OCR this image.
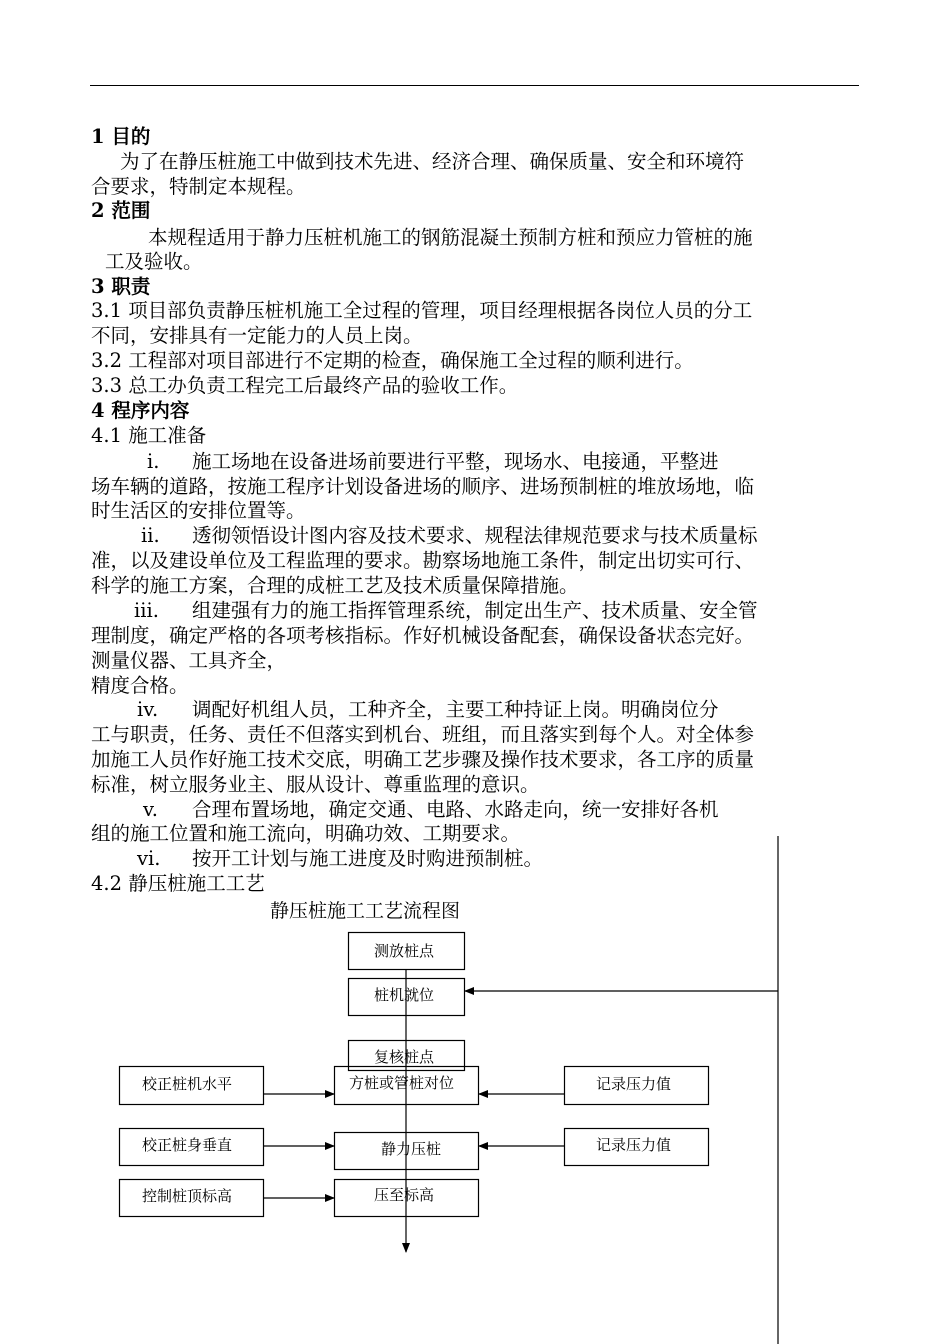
1 目的
为了在静压桩施工中做到技术先进、经济合理、确保质量、安全和环境符
合要求，特制定本规程。
2 范围
本规程适用于静力压桩机施工的钢筋混凝土预制方桩和预应力管桩的施
工及验收。
3 职责
3.1 项目部负责静压桩机施工全过程的管理，项目经理根据各岗位人员的分工
不同，安排具有一定能力的人员上岗。
3.2 工程部对项目部进行不定期的检查，确保施工全过程的顺利进行。
3.3 总工办负责工程完工后最终产品的验收工作。
4 程序内容
4.1 施工准备
i. 施工场地在设备进场前要进行平整，现场水、电接通，平整进
场车辆的道路，按施工程序计划设备进场的顺序、进场预制桩的堆放场地，临
时生活区的安排位置等。
ii. 透彻领悟设计图内容及技术要求、规程法律规范要求与技术质量标
准，以及建设单位及工程监理的要求。勘察场地施工条件，制定出切实可行、
科学的施工方案，合理的成桩工艺及技术质量保障措施。
iii. 组建强有力的施工指挥管理系统，制定出生产、技术质量、安全管
理制度，确定严格的各项考核指标。作好机械设备配套，确保设备状态完好。
测量仪器、工具齐全，
精度合格。
iv. 调配好机组人员，工种齐全，主要工种持证上岗。明确岗位分
工与职责，任务、责任不但落实到机台、班组，而且落实到每个人。对全体参
加施工人员作好施工技术交底，明确工艺步骤及操作技术要求，各工序的质量
标准，树立服务业主、服从设计、尊重监理的意识。
v. 合理布置场地，确定交通、电路、水路走向，统一安排好各机
组的施工位置和施工流向，明确功效、工期要求。
vi. 按开工计划与施工进度及时购进预制桩。
4.2 静压桩施工工艺
静压桩施工工艺流程图
测放桩点
桩机就位
复核桩点
方桩或管桩对位
静力压桩
压至标高
校正桩机水平
校正桩身垂直
控制桩顶标高
记录压力值
记录压力值
